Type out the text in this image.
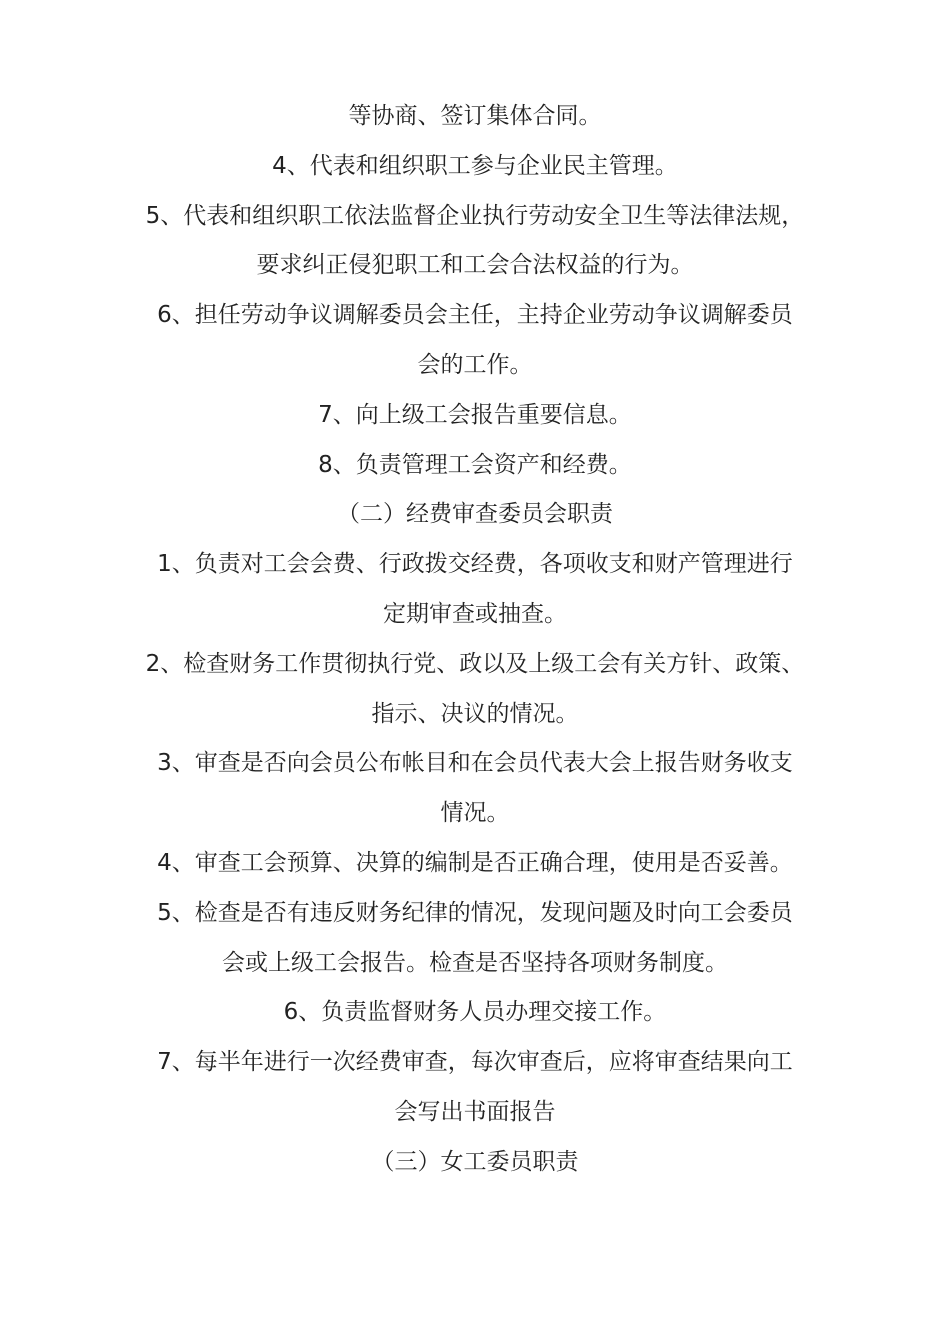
等协商、签订集体合同。
4、代表和组织职工参与企业民主管理。
5、代表和组织职工依法监督企业执行劳动安全卫生等法律法规，
要求纠正侵犯职工和工会合法权益的行为。
6、担任劳动争议调解委员会主任，主持企业劳动争议调解委员
会的工作。
7、向上级工会报告重要信息。
8、负责管理工会资产和经费。
（二）经费审查委员会职责
1、负责对工会会费、行政拨交经费，各项收支和财产管理进行
定期审查或抽查。
2、检查财务工作贯彻执行党、政以及上级工会有关方针、政策、
指示、决议的情况。
3、审查是否向会员公布帐目和在会员代表大会上报告财务收支
情况。
4、审查工会预算、决算的编制是否正确合理，使用是否妥善。
5、检查是否有违反财务纪律的情况，发现问题及时向工会委员
会或上级工会报告。检查是否坚持各项财务制度。
6、负责监督财务人员办理交接工作。
7、每半年进行一次经费审查，每次审查后，应将审查结果向工
会写出书面报告
（三）女工委员职责
